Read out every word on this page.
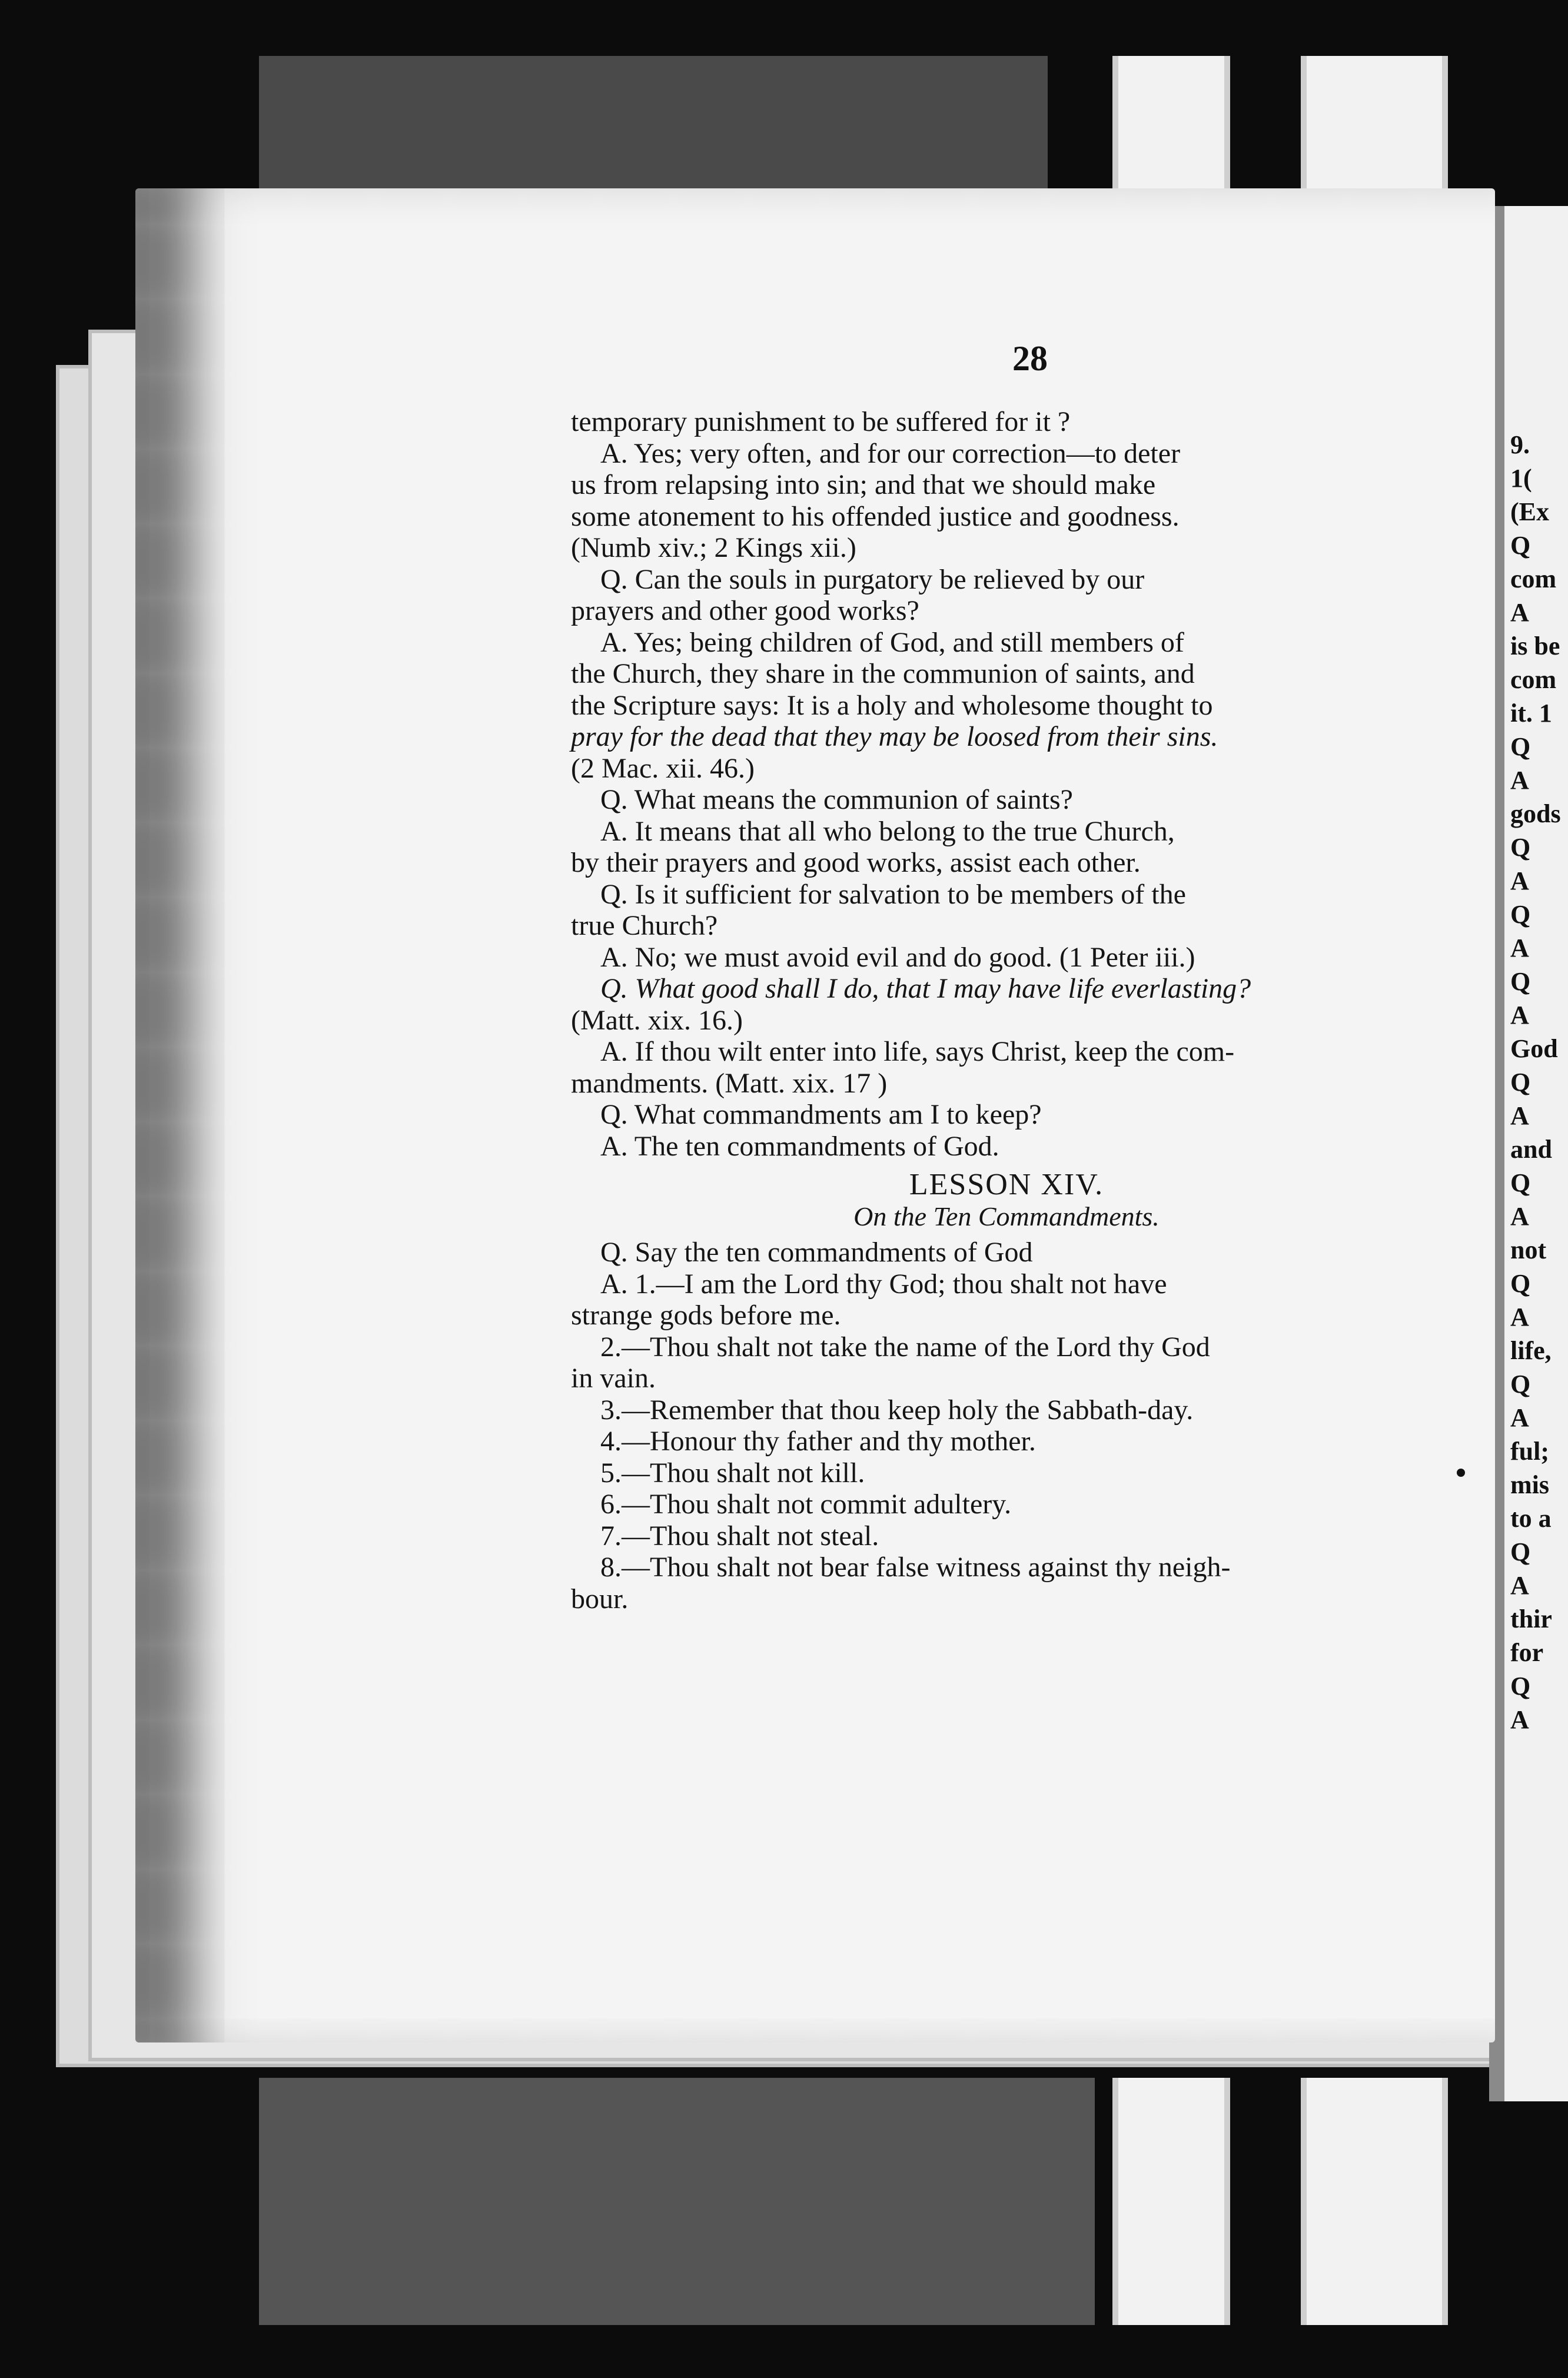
9.
1(
(Ex
Q
com
A
is be
com
it. 1
Q
A
gods
Q
A
Q
A
Q
A
God
Q
A
and
Q
A
not
Q
A
life,
Q
A
ful;
mis
to a
Q
A
thir
for
Q
A
28
temporary punishment to be suffered for it ?
A. Yes; very often, and for our correction—to deter
us from relapsing into sin; and that we should make
some atonement to his offended justice and goodness.
(Numb xiv.; 2 Kings xii.)
Q. Can the souls in purgatory be relieved by our
prayers and other good works?
A. Yes; being children of God, and still members of
the Church, they share in the communion of saints, and
the Scripture says: It is a holy and wholesome thought to
pray for the dead that they may be loosed from their sins.
(2 Mac. xii. 46.)
Q. What means the communion of saints?
A. It means that all who belong to the true Church,
by their prayers and good works, assist each other.
Q. Is it sufficient for salvation to be members of the
true Church?
A. No; we must avoid evil and do good. (1 Peter iii.)
Q. What good shall I do, that I may have life everlasting?
(Matt. xix. 16.)
A. If thou wilt enter into life, says Christ, keep the com-
mandments. (Matt. xix. 17 )
Q. What commandments am I to keep?
A. The ten commandments of God.
LESSON XIV.
On the Ten Commandments.
Q. Say the ten commandments of God
A. 1.—I am the Lord thy God; thou shalt not have
strange gods before me.
2.—Thou shalt not take the name of the Lord thy God
in vain.
3.—Remember that thou keep holy the Sabbath-day.
4.—Honour thy father and thy mother.
5.—Thou shalt not kill.
6.—Thou shalt not commit adultery.
7.—Thou shalt not steal.
8.—Thou shalt not bear false witness against thy neigh-
bour.
